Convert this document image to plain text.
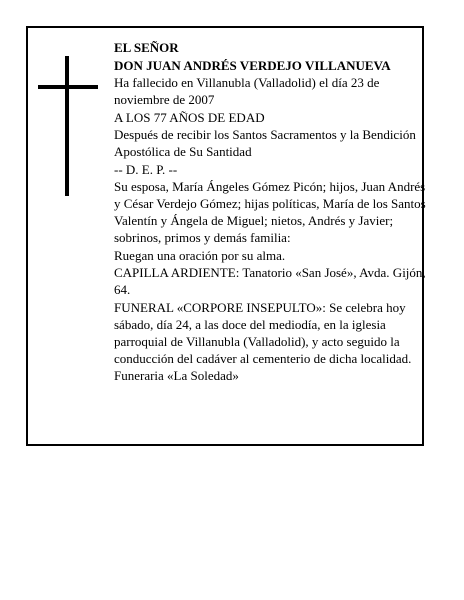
EL SEÑOR

DON JUAN ANDRÉS VERDEJO VILLANUEVA

Ha fallecido en Villanubla (Valladolid) el día 23 de noviembre de 2007

A LOS 77 AÑOS DE EDAD

Después de recibir los Santos Sacramentos y la Bendición Apostólica de Su Santidad

-- D. E. P. --

Su esposa, María Ángeles Gómez Picón; hijos, Juan Andrés y César Verdejo Gómez; hijas políticas, María de los Santos Valentín y Ángela de Miguel; nietos, Andrés y Javier; sobrinos, primos y demás familia:

Ruegan una oración por su alma.

CAPILLA ARDIENTE: Tanatorio «San José», Avda. Gijón, 64.

FUNERAL «CORPORE INSEPULTO»: Se celebra hoy sábado, día 24, a las doce del mediodía, en la iglesia parroquial de Villanubla (Valladolid), y acto seguido la conducción del cadáver al cementerio de dicha localidad.

Funeraria «La Soledad»
